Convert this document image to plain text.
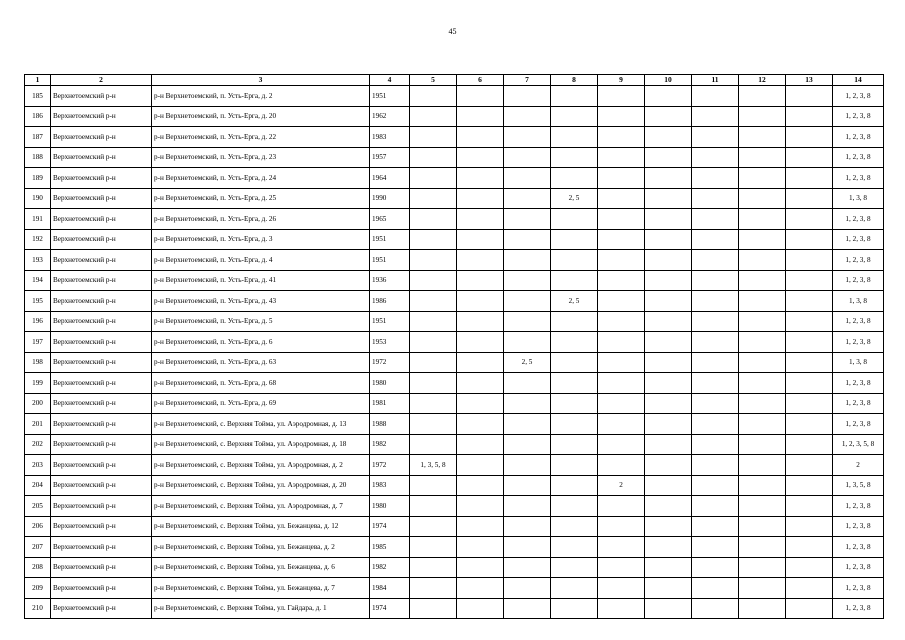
45
1	2	3	4	5	6	7	8	9	10	11	12	13	14
185	Верхнетоемский р-н	р-н Верхнетоемский, п. Усть-Ерга, д. 2	1951										1, 2, 3, 8
186	Верхнетоемский р-н	р-н Верхнетоемский, п. Усть-Ерга, д. 20	1962										1, 2, 3, 8
187	Верхнетоемский р-н	р-н Верхнетоемский, п. Усть-Ерга, д. 22	1983										1, 2, 3, 8
188	Верхнетоемский р-н	р-н Верхнетоемский, п. Усть-Ерга, д. 23	1957										1, 2, 3, 8
189	Верхнетоемский р-н	р-н Верхнетоемский, п. Усть-Ерга, д. 24	1964										1, 2, 3, 8
190	Верхнетоемский р-н	р-н Верхнетоемский, п. Усть-Ерга, д. 25	1990				2, 5						1, 3, 8
191	Верхнетоемский р-н	р-н Верхнетоемский, п. Усть-Ерга, д. 26	1965										1, 2, 3, 8
192	Верхнетоемский р-н	р-н Верхнетоемский, п. Усть-Ерга, д. 3	1951										1, 2, 3, 8
193	Верхнетоемский р-н	р-н Верхнетоемский, п. Усть-Ерга, д. 4	1951										1, 2, 3, 8
194	Верхнетоемский р-н	р-н Верхнетоемский, п. Усть-Ерга, д. 41	1936										1, 2, 3, 8
195	Верхнетоемский р-н	р-н Верхнетоемский, п. Усть-Ерга, д. 43	1986				2, 5						1, 3, 8
196	Верхнетоемский р-н	р-н Верхнетоемский, п. Усть-Ерга, д. 5	1951										1, 2, 3, 8
197	Верхнетоемский р-н	р-н Верхнетоемский, п. Усть-Ерга, д. 6	1953										1, 2, 3, 8
198	Верхнетоемский р-н	р-н Верхнетоемский, п. Усть-Ерга, д. 63	1972			2, 5							1, 3, 8
199	Верхнетоемский р-н	р-н Верхнетоемский, п. Усть-Ерга, д. 68	1980										1, 2, 3, 8
200	Верхнетоемский р-н	р-н Верхнетоемский, п. Усть-Ерга, д. 69	1981										1, 2, 3, 8
201	Верхнетоемский р-н	р-н Верхнетоемский, с. Верхняя Тойма, ул. Аэродромная, д. 13	1988										1, 2, 3, 8
202	Верхнетоемский р-н	р-н Верхнетоемский, с. Верхняя Тойма, ул. Аэродромная, д. 18	1982										1, 2, 3, 5, 8
203	Верхнетоемский р-н	р-н Верхнетоемский, с. Верхняя Тойма, ул. Аэродромная, д. 2	1972	1, 3, 5, 8									2
204	Верхнетоемский р-н	р-н Верхнетоемский, с. Верхняя Тойма, ул. Аэродромная, д. 20	1983					2					1, 3, 5, 8
205	Верхнетоемский р-н	р-н Верхнетоемский, с. Верхняя Тойма, ул. Аэродромная, д. 7	1980										1, 2, 3, 8
206	Верхнетоемский р-н	р-н Верхнетоемский, с. Верхняя Тойма, ул. Бежанцева, д. 12	1974										1, 2, 3, 8
207	Верхнетоемский р-н	р-н Верхнетоемский, с. Верхняя Тойма, ул. Бежанцева, д. 2	1985										1, 2, 3, 8
208	Верхнетоемский р-н	р-н Верхнетоемский, с. Верхняя Тойма, ул. Бежанцева, д. 6	1982										1, 2, 3, 8
209	Верхнетоемский р-н	р-н Верхнетоемский, с. Верхняя Тойма, ул. Бежанцева, д. 7	1984										1, 2, 3, 8
210	Верхнетоемский р-н	р-н Верхнетоемский, с. Верхняя Тойма, ул. Гайдара, д. 1	1974										1, 2, 3, 8
